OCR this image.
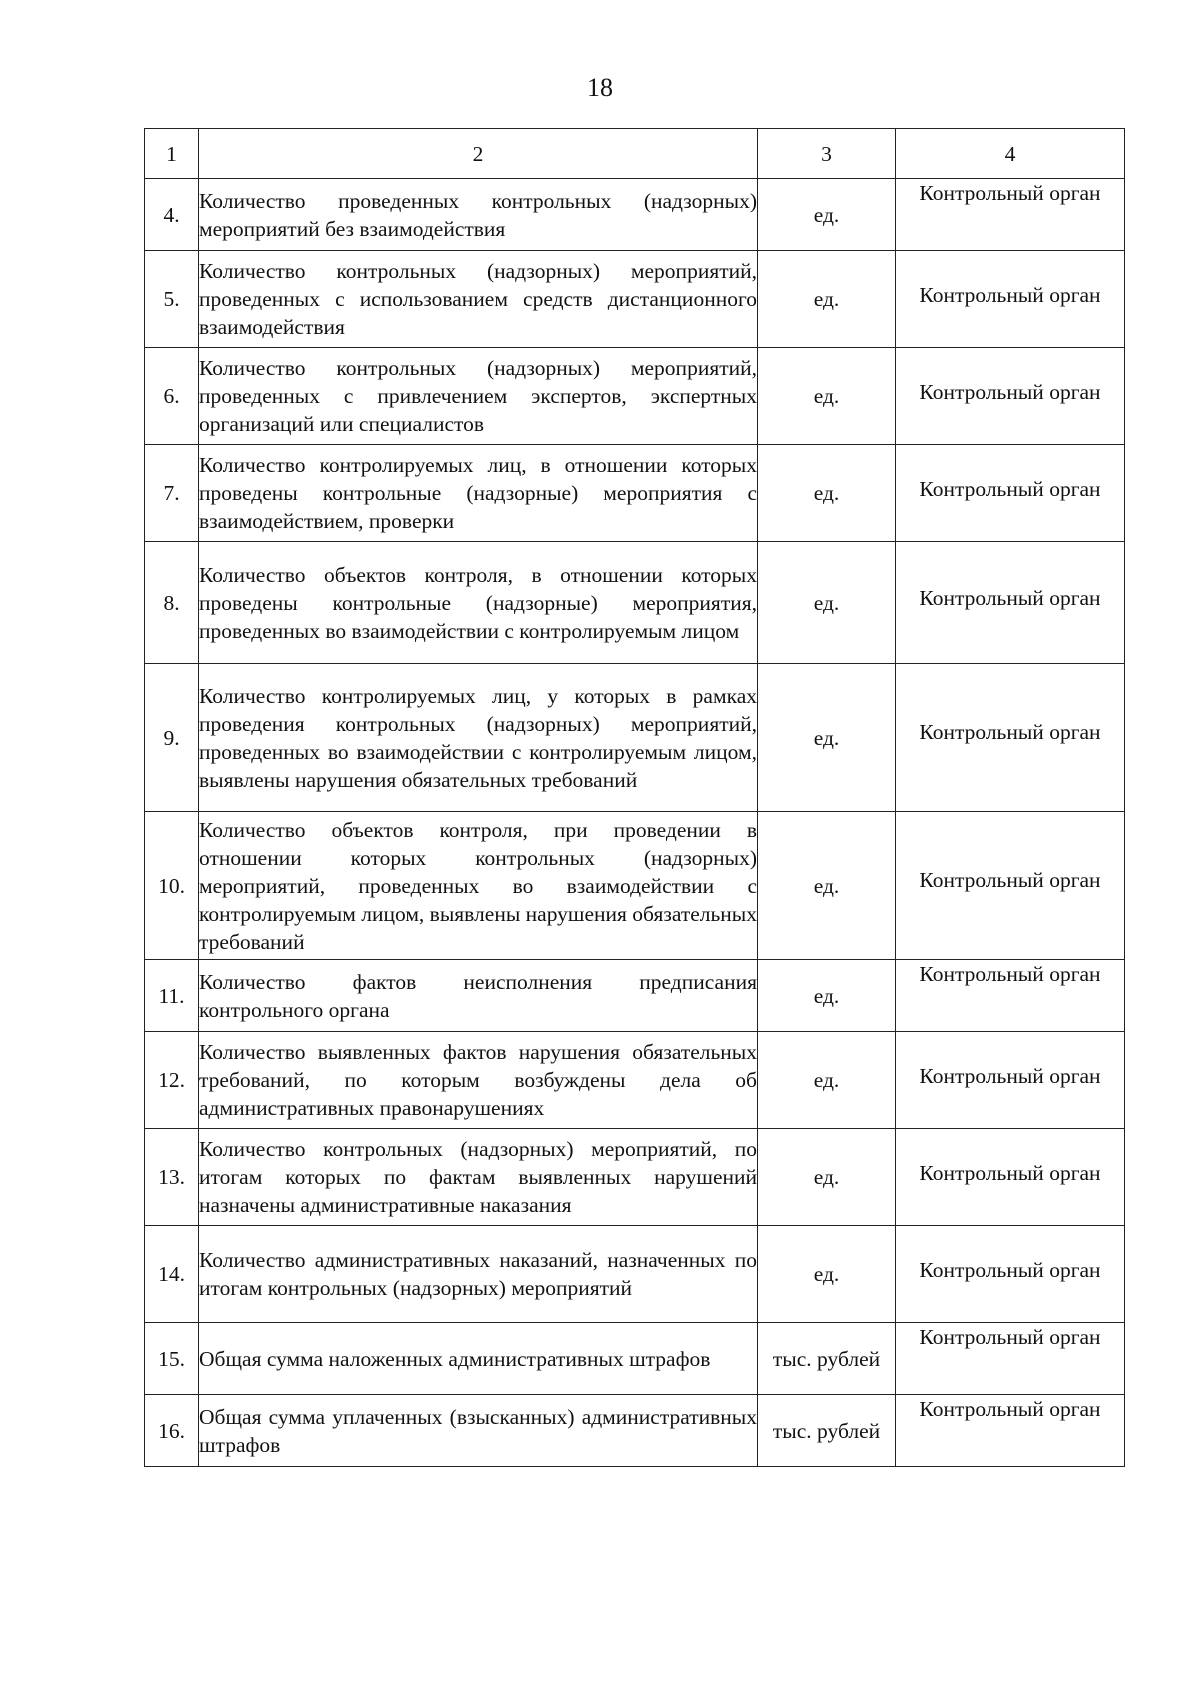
18
1	2	3	4
4.	Количество проведенных контрольных (надзорных) мероприятий без взаимодействия	ед.	Контрольный орган
5.	Количество контрольных (надзорных) мероприятий, проведенных с использованием средств дистанционного взаимодействия	ед.	Контрольный орган
6.	Количество контрольных (надзорных) мероприятий, проведенных с привлечением экспертов, экспертных организаций или специалистов	ед.	Контрольный орган
7.	Количество контролируемых лиц, в отношении которых проведены контрольные (надзорные) мероприятия с взаимодействием, проверки	ед.	Контрольный орган
8.	Количество объектов контроля, в отношении которых проведены контрольные (надзорные) мероприятия, проведенных во взаимодействии с контролируемым лицом	ед.	Контрольный орган
9.	Количество контролируемых лиц, у которых в рамках проведения контрольных (надзорных) мероприятий, проведенных во взаимодействии с контролируемым лицом, выявлены нарушения обязательных требований	ед.	Контрольный орган
10.	Количество объектов контроля, при проведении в отношении которых контрольных (надзорных) мероприятий, проведенных во взаимодействии с контролируемым лицом, выявлены нарушения обязательных требований	ед.	Контрольный орган
11.	Количество фактов неисполнения предписания контрольного органа	ед.	Контрольный орган
12.	Количество выявленных фактов нарушения обязательных требований, по которым возбуждены дела об административных правонарушениях	ед.	Контрольный орган
13.	Количество контрольных (надзорных) мероприятий, по итогам которых по фактам выявленных нарушений назначены административные наказания	ед.	Контрольный орган
14.	Количество административных наказаний, назначенных по итогам контрольных (надзорных) мероприятий	ед.	Контрольный орган
15.	Общая сумма наложенных административных штрафов	тыс. рублей	Контрольный орган
16.	Общая сумма уплаченных (взысканных) административных штрафов	тыс. рублей	Контрольный орган
